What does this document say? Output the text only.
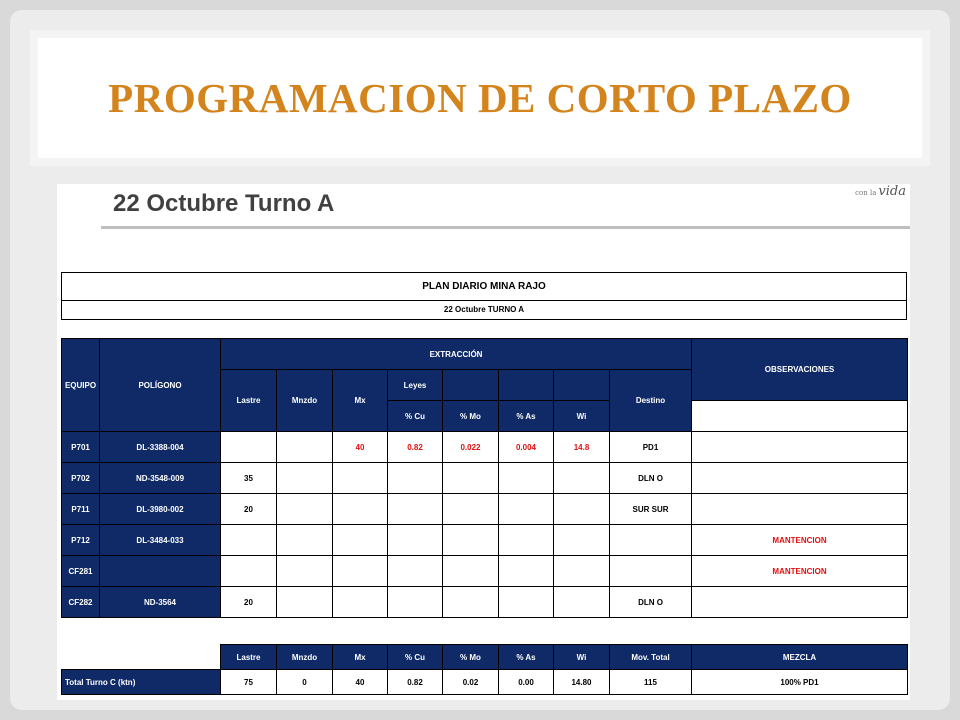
PROGRAMACION DE CORTO PLAZO
con la vida
22 Octubre Turno A
PLAN DIARIO MINA RAJO
22 Octubre TURNO A
EQUIPO	POLÍGONO	EXTRACCIÓN								OBSERVACIONES
		Lastre	Mnzdo	Mx	Leyes				Destino	
					% Cu	% Mo	% As	Wi		
P701	DL-3388-004			40	0.82	0.022	0.004	14.8	PD1	
P702	ND-3548-009	35							DLN O	
P711	DL-3980-002	20							SUR SUR	
P712	DL-3484-033									MANTENCION
CF281										MANTENCION
CF282	ND-3564	20							DLN O	
	Lastre	Mnzdo	Mx	% Cu	% Mo	% As	Wi	Mov. Total	MEZCLA
Total Turno C (ktn)	75	0	40	0.82	0.02	0.00	14.80	115	100% PD1
